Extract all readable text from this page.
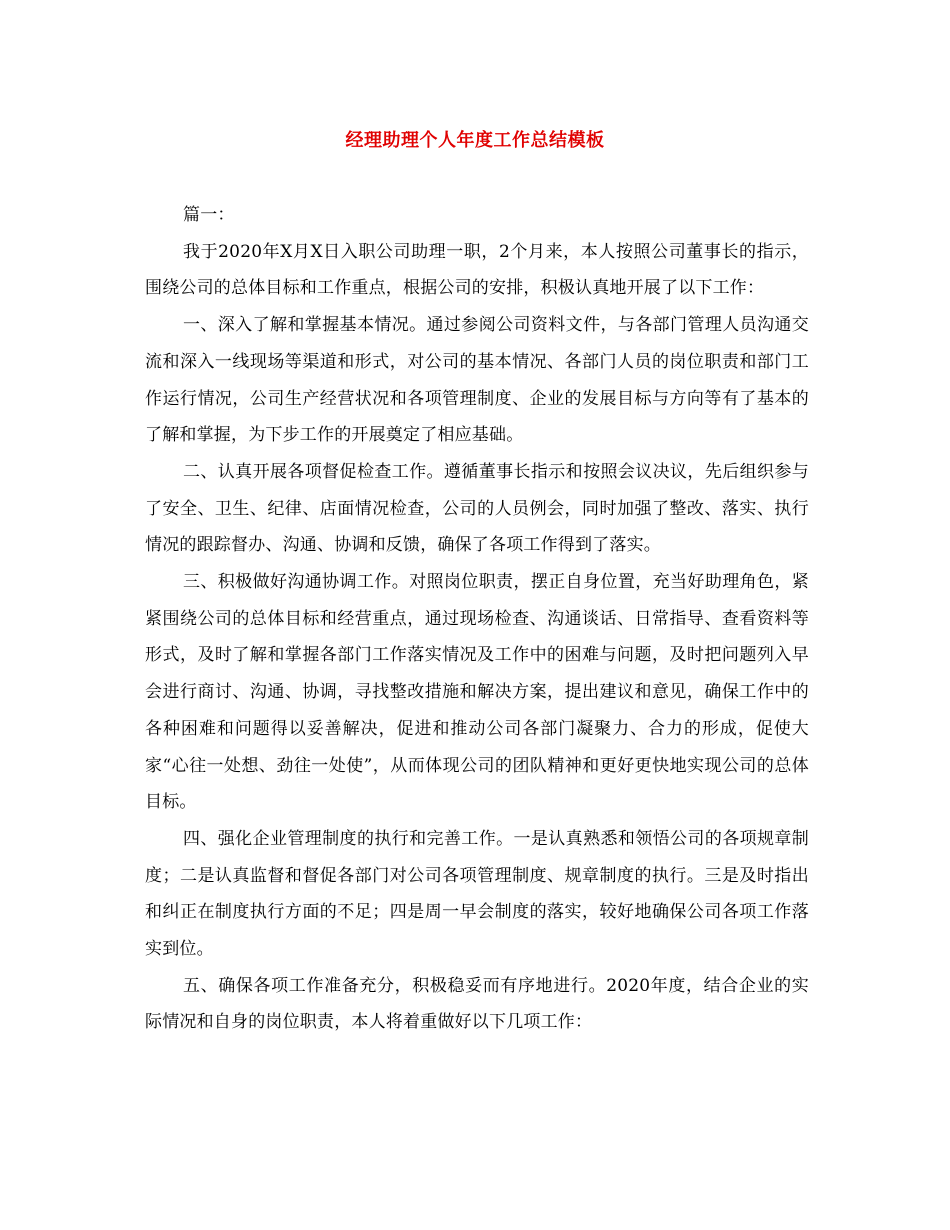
经理助理个人年度工作总结模板

篇一：

我于2020年X月X日入职公司助理一职，2个月来，本人按照公司董事长的指示，围绕公司的总体目标和工作重点，根据公司的安排，积极认真地开展了以下工作：

一、深入了解和掌握基本情况。通过参阅公司资料文件，与各部门管理人员沟通交流和深入一线现场等渠道和形式，对公司的基本情况、各部门人员的岗位职责和部门工作运行情况，公司生产经营状况和各项管理制度、企业的发展目标与方向等有了基本的了解和掌握，为下步工作的开展奠定了相应基础。

二、认真开展各项督促检查工作。遵循董事长指示和按照会议决议，先后组织参与了安全、卫生、纪律、店面情况检查，公司的人员例会，同时加强了整改、落实、执行情况的跟踪督办、沟通、协调和反馈，确保了各项工作得到了落实。

三、积极做好沟通协调工作。对照岗位职责，摆正自身位置，充当好助理角色，紧紧围绕公司的总体目标和经营重点，通过现场检查、沟通谈话、日常指导、查看资料等形式，及时了解和掌握各部门工作落实情况及工作中的困难与问题，及时把问题列入早会进行商讨、沟通、协调，寻找整改措施和解决方案，提出建议和意见，确保工作中的各种困难和问题得以妥善解决，促进和推动公司各部门凝聚力、合力的形成，促使大家“心往一处想、劲往一处使”，从而体现公司的团队精神和更好更快地实现公司的总体目标。

四、强化企业管理制度的执行和完善工作。一是认真熟悉和领悟公司的各项规章制度；二是认真监督和督促各部门对公司各项管理制度、规章制度的执行。三是及时指出和纠正在制度执行方面的不足；四是周一早会制度的落实，较好地确保公司各项工作落实到位。

五、确保各项工作准备充分，积极稳妥而有序地进行。2020年度，结合企业的实际情况和自身的岗位职责，本人将着重做好以下几项工作：
